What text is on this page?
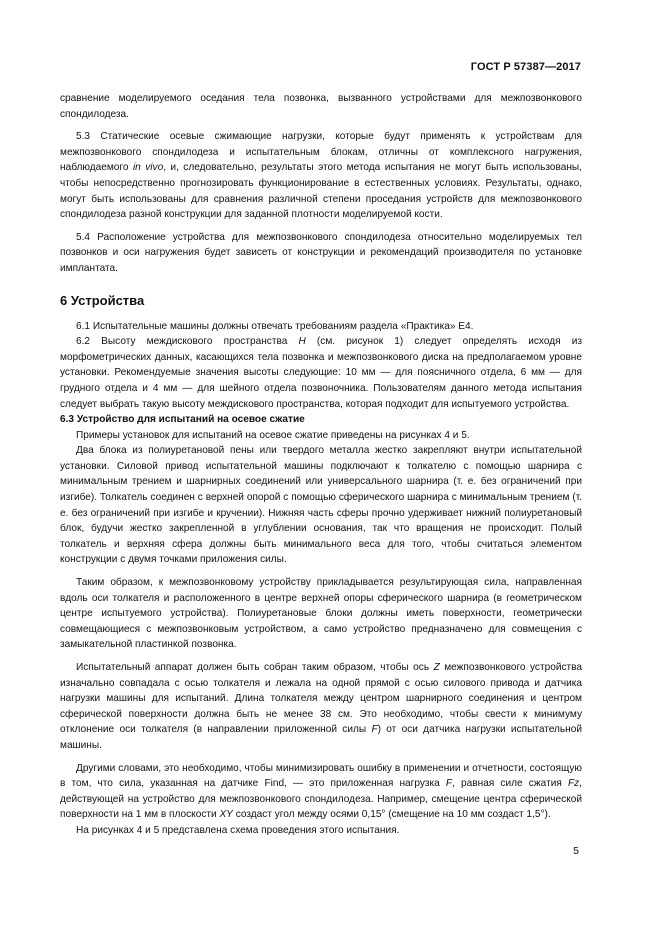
ГОСТ Р 57387—2017

сравнение моделируемого оседания тела позвонка, вызванного устройствами для межпозвонкового спондилодеза.

5.3 Статические осевые сжимающие нагрузки, которые будут применять к устройствам для межпозвонкового спондилодеза и испытательным блокам, отличны от комплексного нагружения, наблюдаемого in vivo, и, следовательно, результаты этого метода испытания не могут быть использованы, чтобы непосредственно прогнозировать функционирование в естественных условиях. Результаты, однако, могут быть использованы для сравнения различной степени проседания устройств для межпозвонкового спондилодеза разной конструкции для заданной плотности моделируемой кости.

5.4 Расположение устройства для межпозвонкового спондилодеза относительно моделируемых тел позвонков и оси нагружения будет зависеть от конструкции и рекомендаций производителя по установке имплантата.

6 Устройства

6.1 Испытательные машины должны отвечать требованиям раздела «Практика» Е4.

6.2 Высоту междискового пространства H (см. рисунок 1) следует определять исходя из морфометрических данных, касающихся тела позвонка и межпозвонкового диска на предполагаемом уровне установки. Рекомендуемые значения высоты следующие: 10 мм — для поясничного отдела, 6 мм — для грудного отдела и 4 мм — для шейного отдела позвоночника. Пользователям данного метода испытания следует выбрать такую высоту междискового пространства, которая подходит для испытуемого устройства.

6.3 Устройство для испытаний на осевое сжатие

Примеры установок для испытаний на осевое сжатие приведены на рисунках 4 и 5.

Два блока из полиуретановой пены или твердого металла жестко закрепляют внутри испытательной установки. Силовой привод испытательной машины подключают к толкателю с помощью шарнира с минимальным трением и шарнирных соединений или универсального шарнира (т. е. без ограничений при изгибе). Толкатель соединен с верхней опорой с помощью сферического шарнира с минимальным трением (т. е. без ограничений при изгибе и кручении). Нижняя часть сферы прочно удерживает нижний полиуретановый блок, будучи жестко закрепленной в углублении основания, так что вращения не происходит. Полый толкатель и верхняя сфера должны быть минимального веса для того, чтобы считаться элементом конструкции с двумя точками приложения силы.

Таким образом, к межпозвонковому устройству прикладывается результирующая сила, направленная вдоль оси толкателя и расположенного в центре верхней опоры сферического шарнира (в геометрическом центре испытуемого устройства). Полиуретановые блоки должны иметь поверхности, геометрически совмещающиеся с межпозвонковым устройством, а само устройство предназначено для совмещения с замыкательной пластинкой позвонка.

Испытательный аппарат должен быть собран таким образом, чтобы ось Z межпозвонкового устройства изначально совпадала с осью толкателя и лежала на одной прямой с осью силового привода и датчика нагрузки машины для испытаний. Длина толкателя между центром шарнирного соединения и центром сферической поверхности должна быть не менее 38 см. Это необходимо, чтобы свести к минимуму отклонение оси толкателя (в направлении приложенной силы F) от оси датчика нагрузки испытательной машины.

Другими словами, это необходимо, чтобы минимизировать ошибку в применении и отчетности, состоящую в том, что сила, указанная на датчике Find, — это приложенная нагрузка F, равная силе сжатия Fz, действующей на устройство для межпозвонкового спондилодеза. Например, смещение центра сферической поверхности на 1 мм в плоскости XY создаст угол между осями 0,15° (смещение на 10 мм создаст 1,5°).

На рисунках 4 и 5 представлена схема проведения этого испытания.

5
